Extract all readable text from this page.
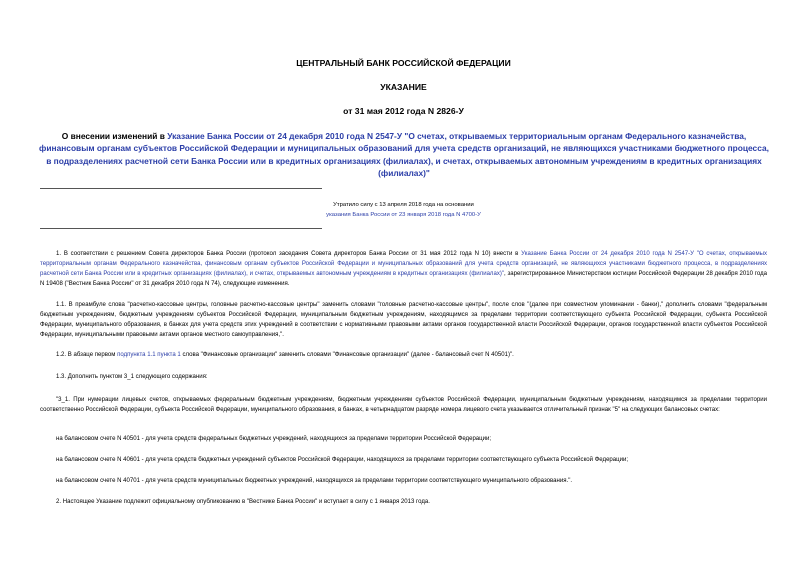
ЦЕНТРАЛЬНЫЙ БАНК РОССИЙСКОЙ ФЕДЕРАЦИИ
УКАЗАНИЕ
от 31 мая 2012 года N 2826-У
О внесении изменений в Указание Банка России от 24 декабря 2010 года N 2547-У "О счетах, открываемых территориальным органам Федерального казначейства, финансовым органам субъектов Российской Федерации и муниципальных образований для учета средств организаций, не являющихся участниками бюджетного процесса, в подразделениях расчетной сети Банка России или в кредитных организациях (филиалах), и счетах, открываемых автономным учреждениям в кредитных организациях (филиалах)"
Утратило силу с 13 апреля 2018 года на основании
указания Банка России от 23 января 2018 года N 4700-У
1. В соответствии с решением Совета директоров Банка России (протокол заседания Совета директоров Банка России от 31 мая 2012 года N 10) внести в Указание Банка России от 24 декабря 2010 года N 2547-У "О счетах, открываемых территориальным органам Федерального казначейства, финансовым органам субъектов Российской Федерации и муниципальных образований для учета средств организаций, не являющихся участниками бюджетного процесса, в подразделениях расчетной сети Банка России или в кредитных организациях (филиалах), и счетах, открываемых автономным учреждениям в кредитных организациях (филиалах)", зарегистрированное Министерством юстиции Российской Федерации 28 декабря 2010 года N 19408 ("Вестник Банка России" от 31 декабря 2010 года N 74), следующие изменения.
1.1. В преамбуле слова "расчетно-кассовые центры, головные расчетно-кассовые центры" заменить словами "головные расчетно-кассовые центры", после слов "(далее при совместном упоминании - банки)," дополнить словами "федеральным бюджетным учреждениям, бюджетным учреждениям субъектов Российской Федерации, муниципальным бюджетным учреждениям, находящимся за пределами территории соответствующего субъекта Российской Федерации, субъекта Российской Федерации, муниципального образования, в банках для учета средств этих учреждений в соответствии с нормативными правовыми актами органов государственной власти Российской Федерации, органов государственной власти субъектов Российской Федерации, муниципальными правовыми актами органов местного самоуправления,".
1.2. В абзаце первом подпункта 1.1 пункта 1 слова "Финансовые организации" заменить словами "Финансовые организации" (далее - балансовый счет N 40501)".
1.3. Дополнить пунктом 3_1 следующего содержания:
"3_1. При нумерации лицевых счетов, открываемых федеральным бюджетным учреждениям, бюджетным учреждениям субъектов Российской Федерации, муниципальным бюджетным учреждениям, находящимся за пределами территории соответственно Российской Федерации, субъекта Российской Федерации, муниципального образования, в банках, в четырнадцатом разряде номера лицевого счета указывается отличительный признак "5" на следующих балансовых счетах:
на балансовом счете N 40501 - для учета средств федеральных бюджетных учреждений, находящихся за пределами территории Российской Федерации;
на балансовом счете N 40601 - для учета средств бюджетных учреждений субъектов Российской Федерации, находящихся за пределами территории соответствующего субъекта Российской Федерации;
на балансовом счете N 40701 - для учета средств муниципальных бюджетных учреждений, находящихся за пределами территории соответствующего муниципального образования.".
2. Настоящее Указание подлежит официальному опубликованию в "Вестнике Банка России" и вступает в силу с 1 января 2013 года.
